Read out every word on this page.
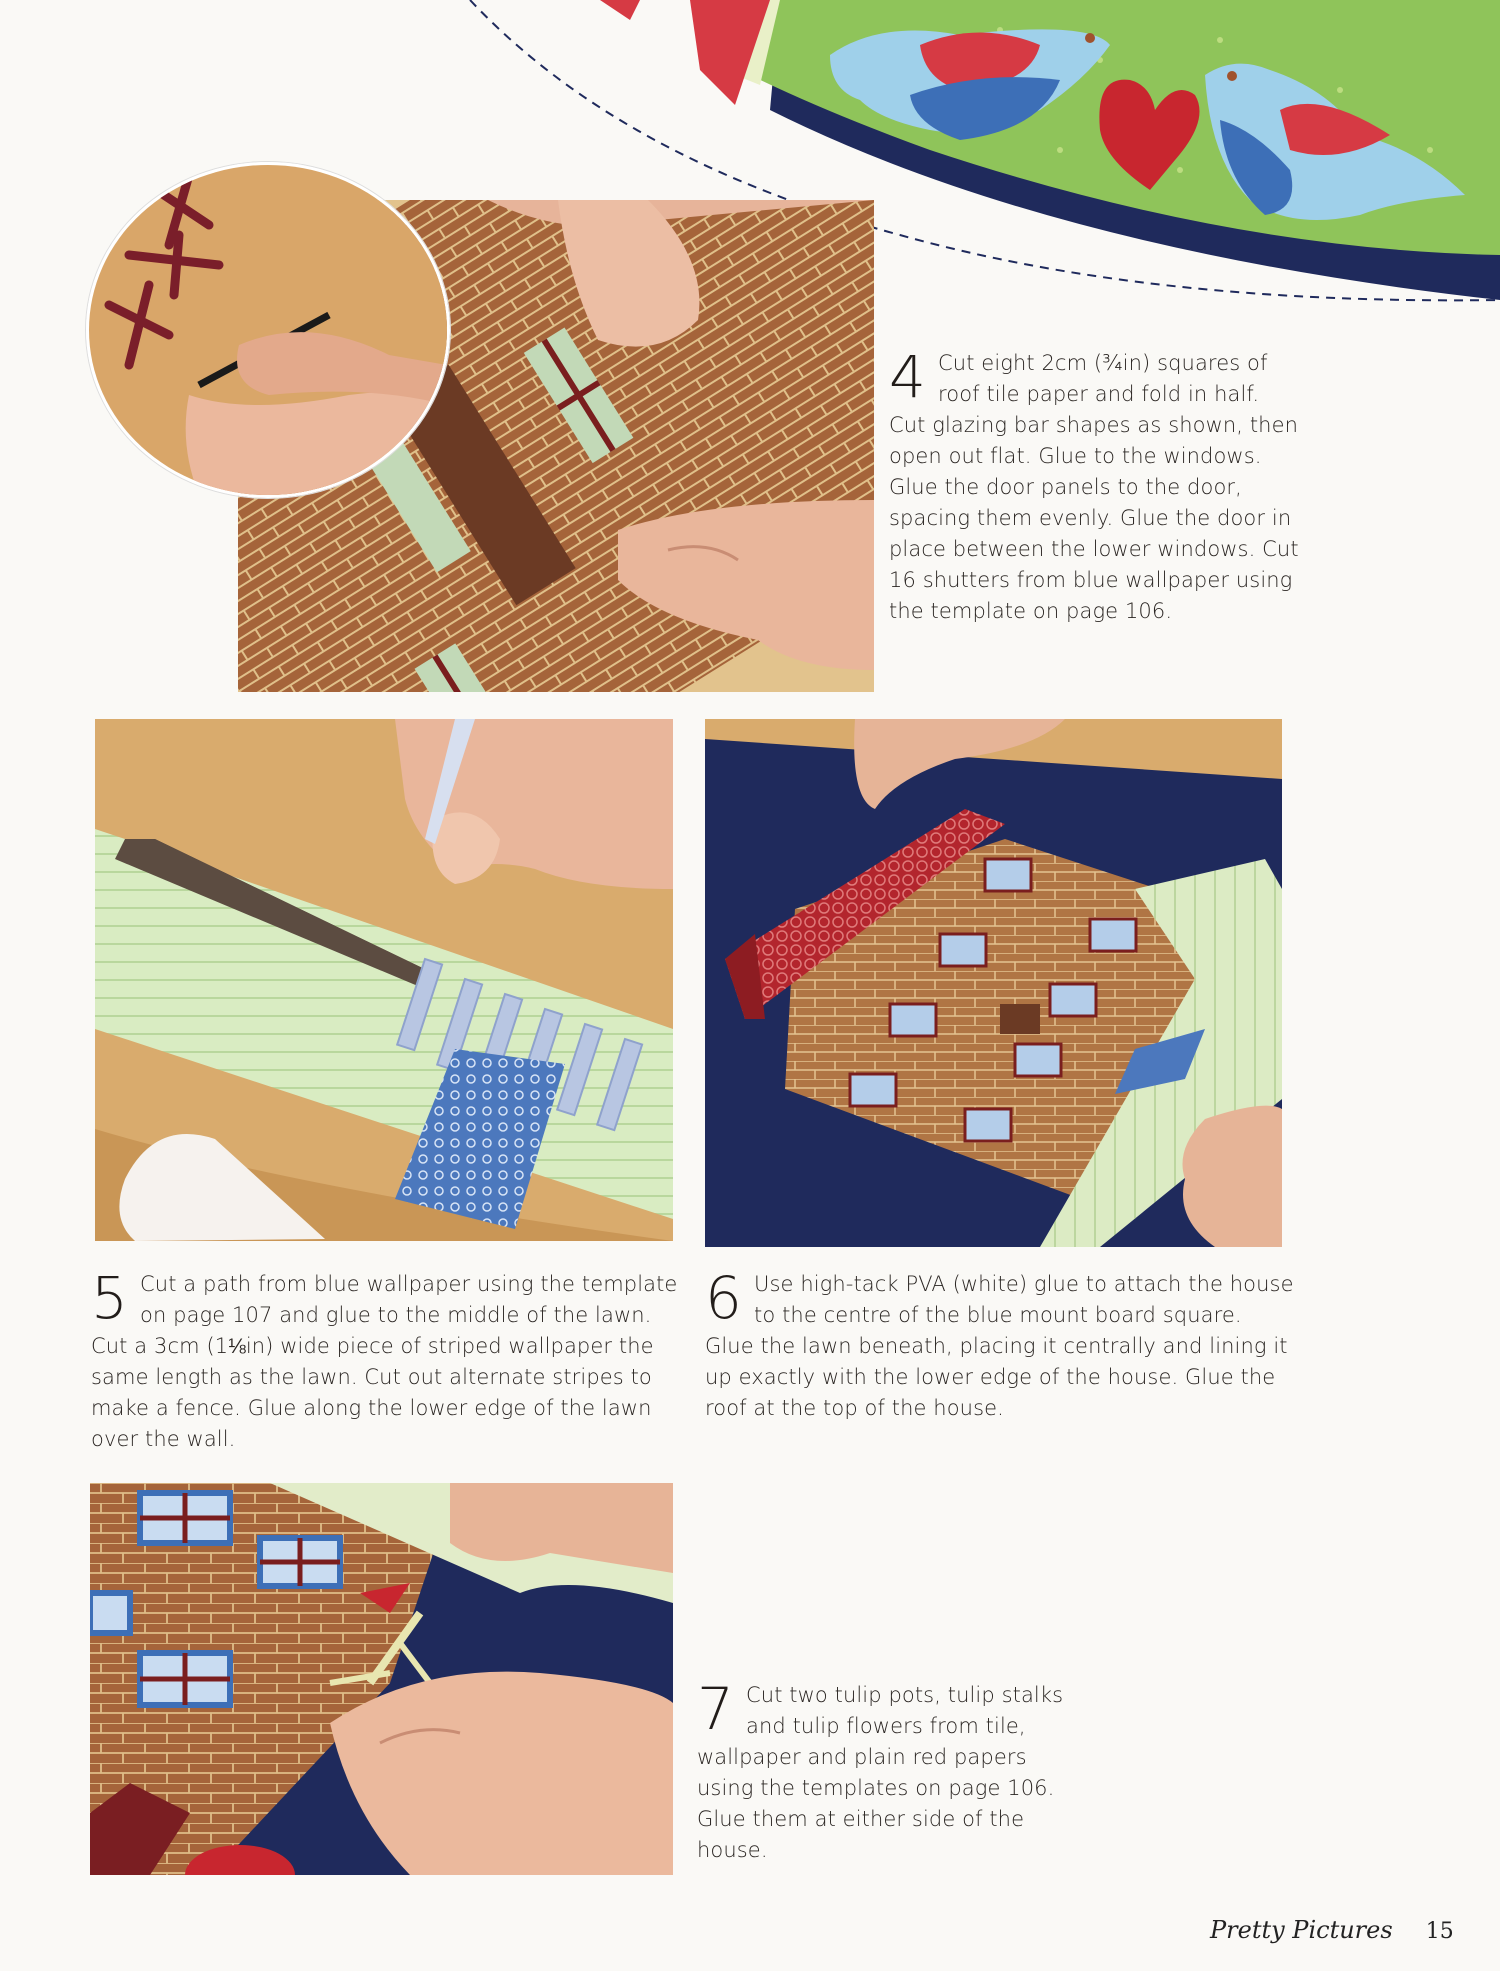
4 Cut eight 2cm (¾in) squares of roof tile paper and fold in half. Cut glazing bar shapes as shown, then open out flat. Glue to the windows. Glue the door panels to the door, spacing them evenly. Glue the door in place between the lower windows. Cut 16 shutters from blue wallpaper using the template on page 106.
5 Cut a path from blue wallpaper using the template on page 107 and glue to the middle of the lawn. Cut a 3cm (1⅛in) wide piece of striped wallpaper the same length as the lawn. Cut out alternate stripes to make a fence. Glue along the lower edge of the lawn over the wall.
6 Use high-tack PVA (white) glue to attach the house to the centre of the blue mount board square. Glue the lawn beneath, placing it centrally and lining it up exactly with the lower edge of the house. Glue the roof at the top of the house.
7 Cut two tulip pots, tulip stalks and tulip flowers from tile, wallpaper and plain red papers using the templates on page 106. Glue them at either side of the house.
Pretty Pictures 15
